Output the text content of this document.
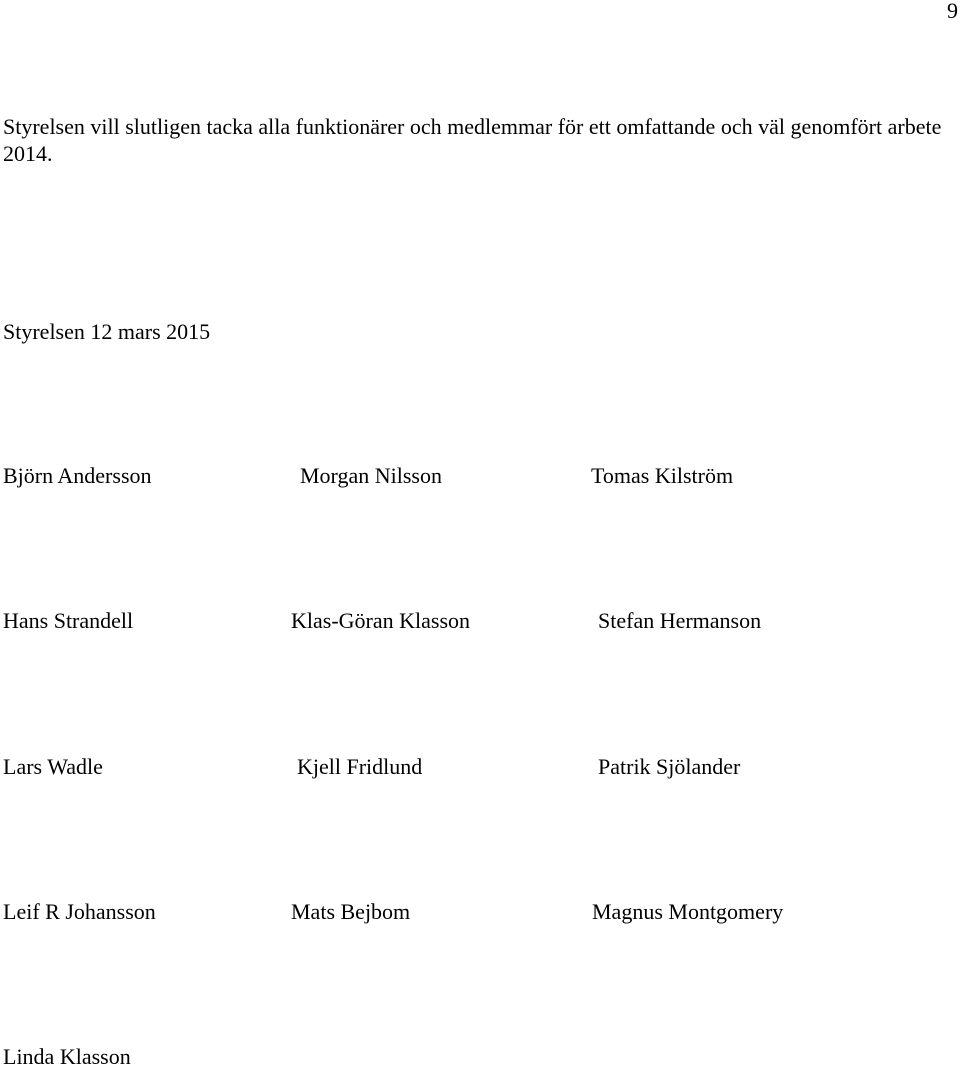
9

Styrelsen vill slutligen tacka alla funktionärer och medlemmar för ett omfattande och väl genomfört arbete 2014.

Styrelsen 12 mars 2015

Björn Andersson	Morgan Nilsson	Tomas Kilström
Hans Strandell	Klas-Göran Klasson	Stefan Hermanson
Lars Wadle	Kjell Fridlund	Patrik Sjölander
Leif R Johansson	Mats Bejbom	Magnus Montgomery
Linda Klasson
